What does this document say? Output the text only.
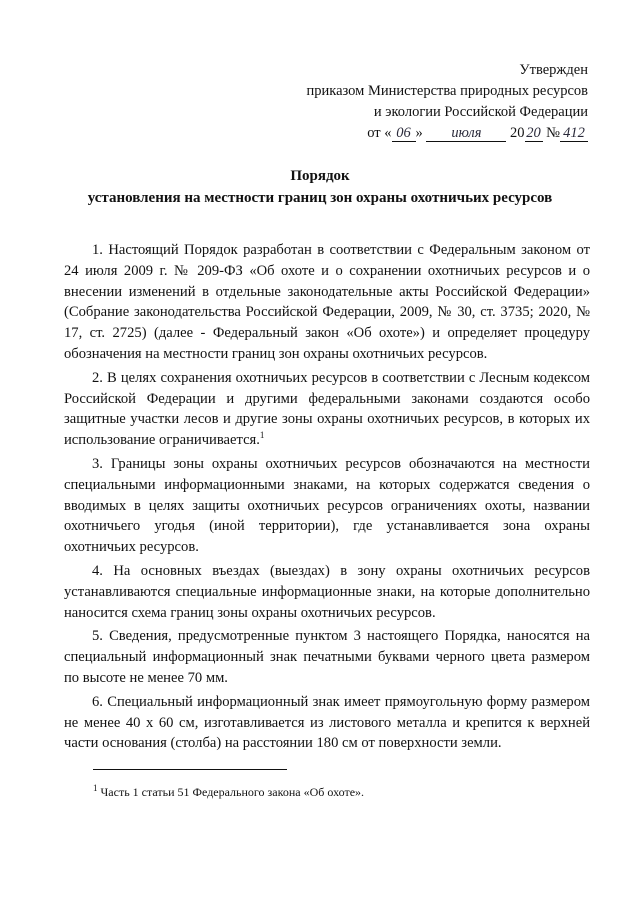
Утвержден
приказом Министерства природных ресурсов
и экологии Российской Федерации
от « 06 » июля 20 20 № 412
Порядок
установления на местности границ зон охраны охотничьих ресурсов

1. Настоящий Порядок разработан в соответствии с Федеральным законом от 24 июля 2009 г. № 209-ФЗ «Об охоте и о сохранении охотничьих ресурсов и о внесении изменений в отдельные законодательные акты Российской Федерации» (Собрание законодательства Российской Федерации, 2009, № 30, ст. 3735; 2020, № 17, ст. 2725) (далее - Федеральный закон «Об охоте») и определяет процедуру обозначения на местности границ зон охраны охотничьих ресурсов.

2. В целях сохранения охотничьих ресурсов в соответствии с Лесным кодексом Российской Федерации и другими федеральными законами создаются особо защитные участки лесов и другие зоны охраны охотничьих ресурсов, в которых их использование ограничивается.$^1$

3. Границы зоны охраны охотничьих ресурсов обозначаются на местности специальными информационными знаками, на которых содержатся сведения о вводимых в целях защиты охотничьих ресурсов ограничениях охоты, названии охотничьего угодья (иной территории), где устанавливается зона охраны охотничьих ресурсов.

4. На основных въездах (выездах) в зону охраны охотничьих ресурсов устанавливаются специальные информационные знаки, на которые дополнительно наносится схема границ зоны охраны охотничьих ресурсов.

5. Сведения, предусмотренные пунктом 3 настоящего Порядка, наносятся на специальный информационный знак печатными буквами черного цвета размером по высоте не менее 70 мм.

6. Специальный информационный знак имеет прямоугольную форму размером не менее 40 х 60 см, изготавливается из листового металла и крепится к верхней части основания (столба) на расстоянии 180 см от поверхности земли.

$^1$ Часть 1 статьи 51 Федерального закона «Об охоте».
